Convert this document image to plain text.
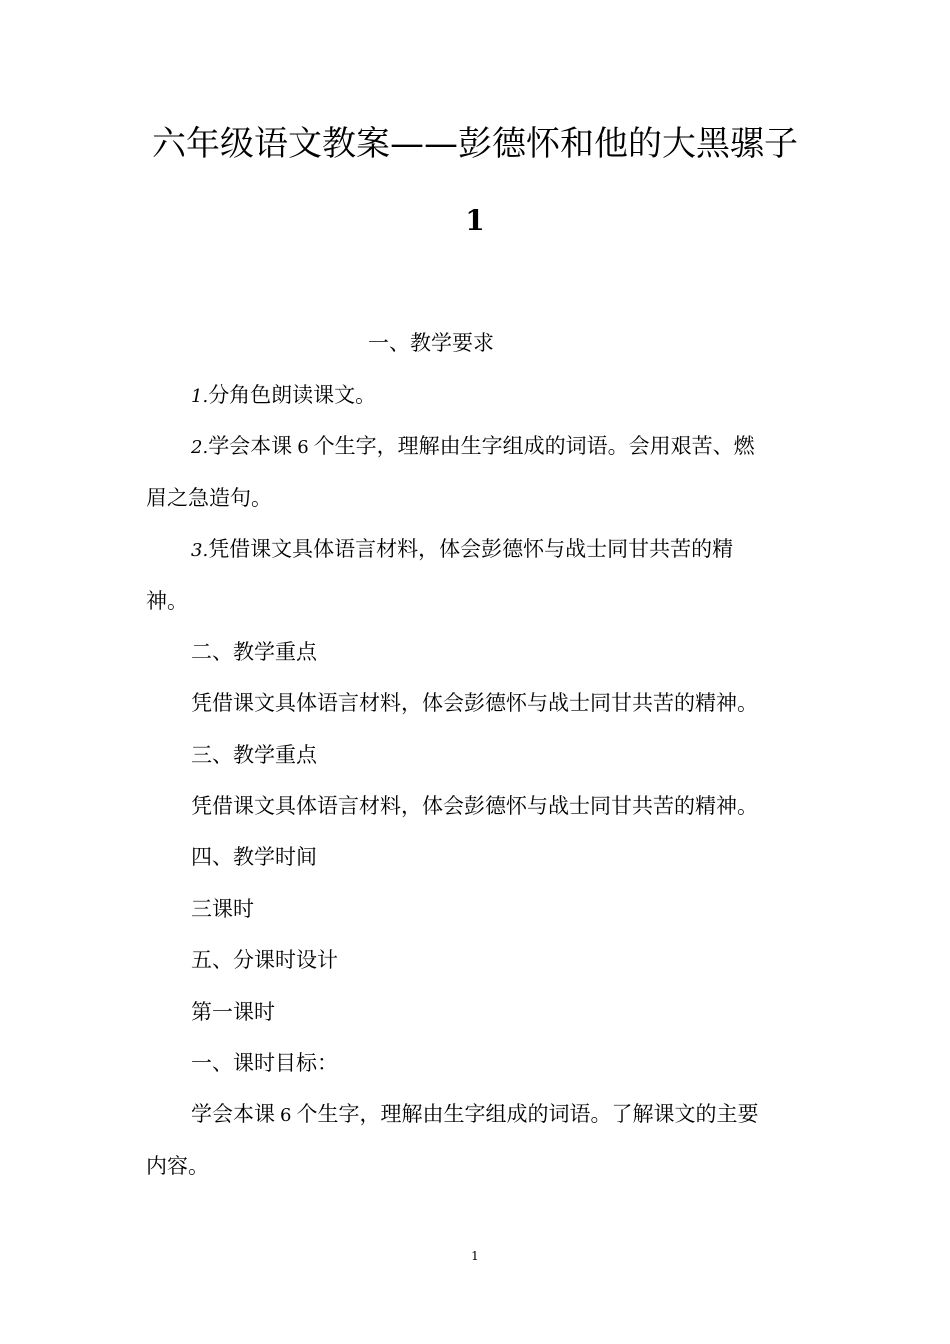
六年级语文教案——彭德怀和他的大黑骡子
1
一、教学要求
1.分角色朗读课文。
2.学会本课 6 个生字，理解由生字组成的词语。会用艰苦、燃
眉之急造句。
3.凭借课文具体语言材料，体会彭德怀与战士同甘共苦的精
神。
二、教学重点
凭借课文具体语言材料，体会彭德怀与战士同甘共苦的精神。
三、教学重点
凭借课文具体语言材料，体会彭德怀与战士同甘共苦的精神。
四、教学时间
三课时
五、分课时设计
第一课时
一、课时目标：
学会本课 6 个生字，理解由生字组成的词语。了解课文的主要
内容。
1
